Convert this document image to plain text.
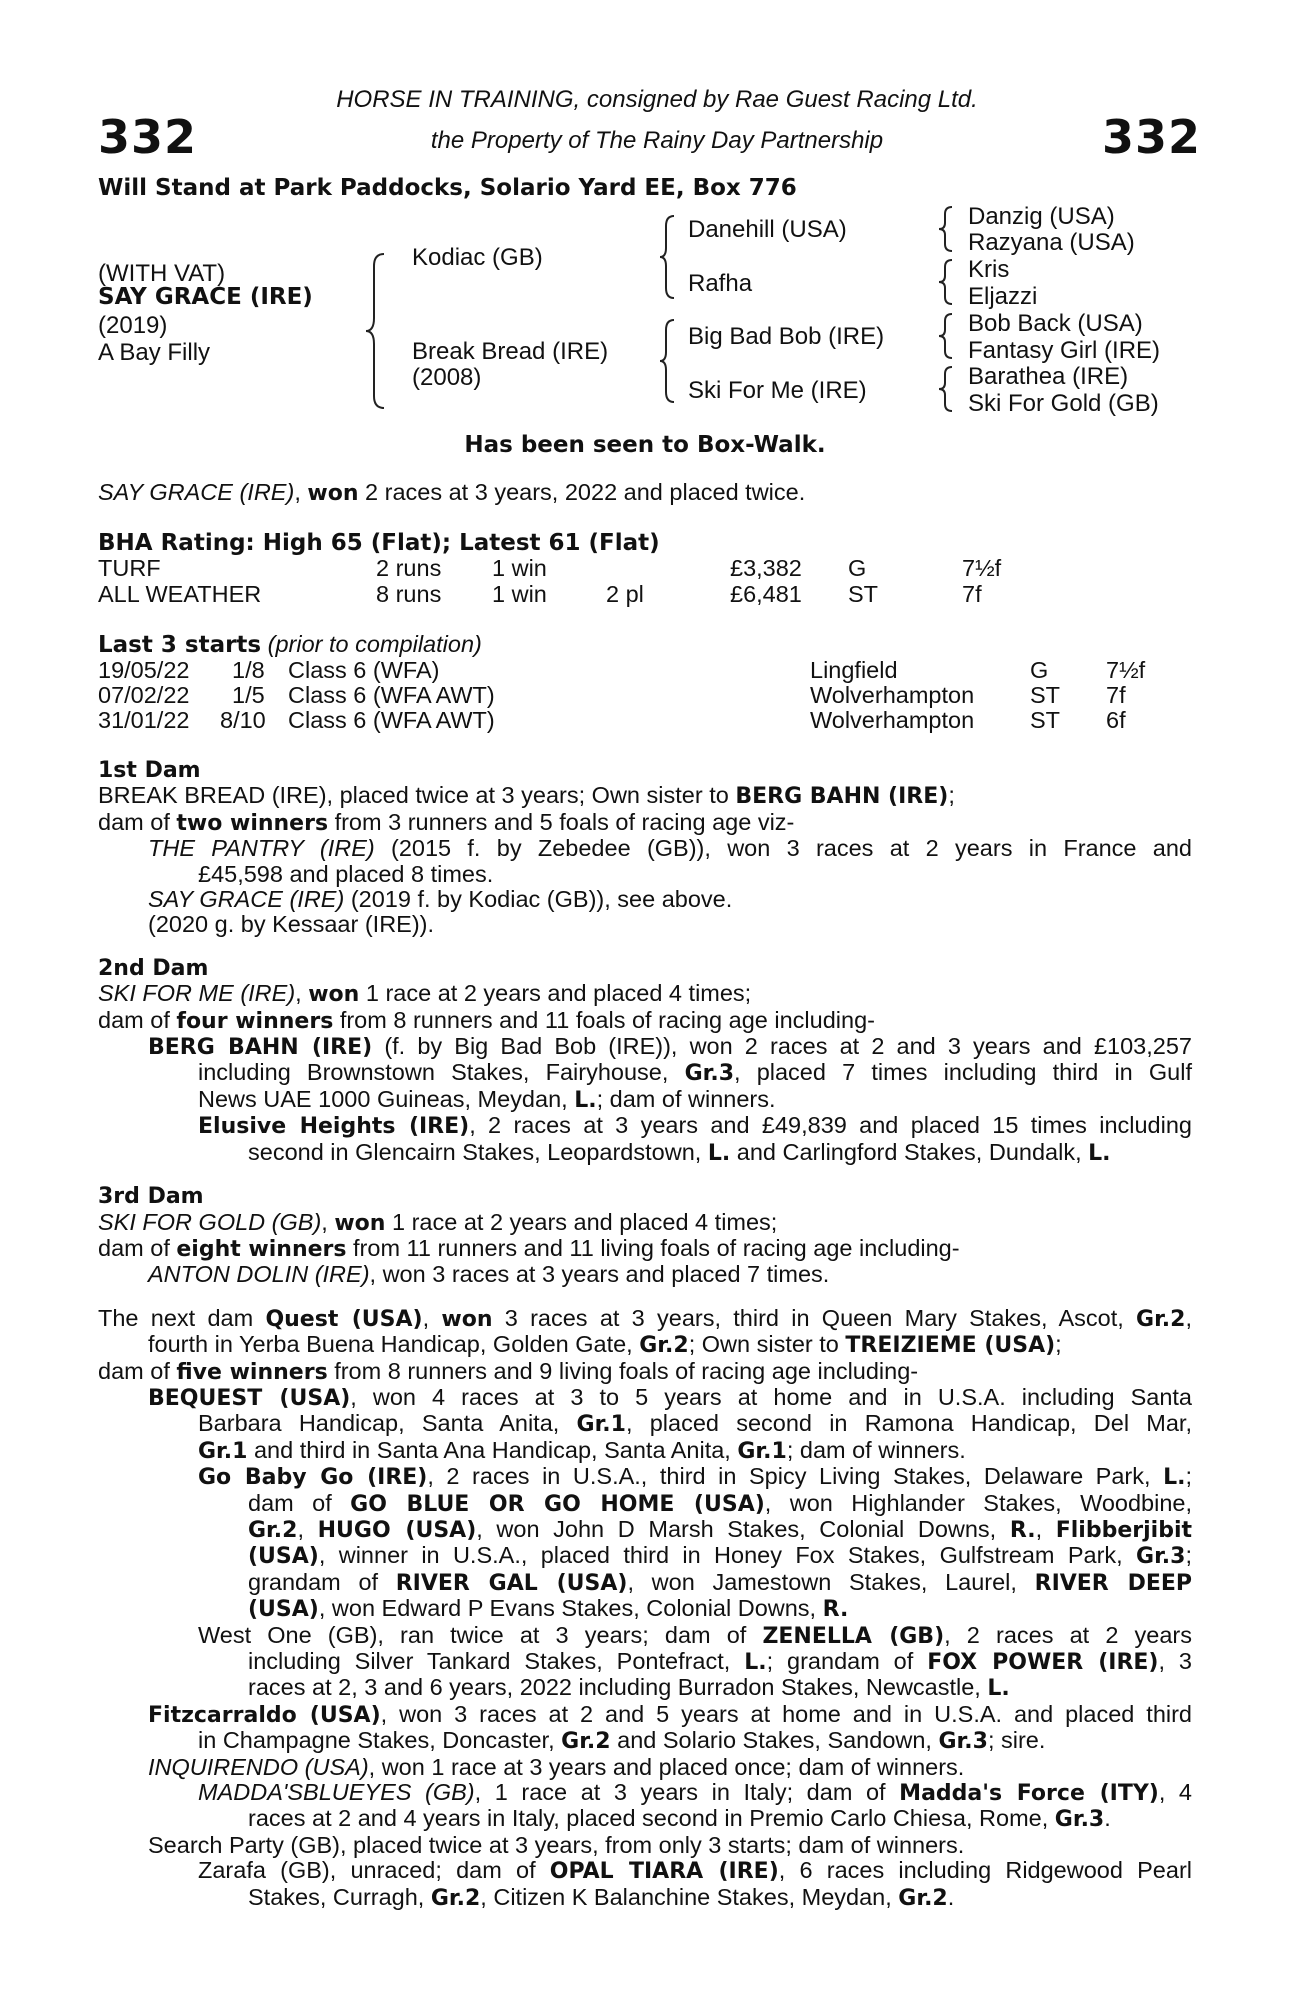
332	332
HORSE IN TRAINING, consigned by Rae Guest Racing Ltd.
the Property of The Rainy Day Partnership
Will Stand at Park Paddocks, Solario Yard EE, Box 776
(WITH VAT)
SAY GRACE (IRE)
(2019)
A Bay Filly
Kodiac (GB)
Break Bread (IRE)
(2008)
Danehill (USA)
Rafha
Big Bad Bob (IRE)
Ski For Me (IRE)
Danzig (USA)
Razyana (USA)
Kris
Eljazzi
Bob Back (USA)
Fantasy Girl (IRE)
Barathea (IRE)
Ski For Gold (GB)
Has been seen to Box-Walk.
SAY GRACE (IRE), won 2 races at 3 years, 2022 and placed twice.
BHA Rating: High 65 (Flat); Latest 61 (Flat)
TURF	2 runs 1 win	£3,382 G	7½f
ALL WEATHER	8 runs 1 win	2 pl	£6,481 ST	7f
Last 3 starts (prior to compilation)
19/05/22 1/8 Class 6 (WFA)	Lingfield	G 7½f
07/02/22 1/5 Class 6 (WFA AWT)	Wolverhampton ST 7f
31/01/22 8/10 Class 6 (WFA AWT)	Wolverhampton ST 6f
1st Dam
BREAK BREAD (IRE), placed twice at 3 years; Own sister to BERG BAHN (IRE);
dam of two winners from 3 runners and 5 foals of racing age viz-
THE PANTRY (IRE) (2015 f. by Zebedee (GB)), won 3 races at 2 years in France and
£45,598 and placed 8 times.
SAY GRACE (IRE) (2019 f. by Kodiac (GB)), see above.
(2020 g. by Kessaar (IRE)).
2nd Dam
SKI FOR ME (IRE), won 1 race at 2 years and placed 4 times;
dam of four winners from 8 runners and 11 foals of racing age including-
BERG BAHN (IRE) (f. by Big Bad Bob (IRE)), won 2 races at 2 and 3 years and £103,257
including Brownstown Stakes, Fairyhouse, Gr.3, placed 7 times including third in Gulf
News UAE 1000 Guineas, Meydan, L.; dam of winners.
Elusive Heights (IRE), 2 races at 3 years and £49,839 and placed 15 times including
second in Glencairn Stakes, Leopardstown, L. and Carlingford Stakes, Dundalk, L.
3rd Dam
SKI FOR GOLD (GB), won 1 race at 2 years and placed 4 times;
dam of eight winners from 11 runners and 11 living foals of racing age including-
ANTON DOLIN (IRE), won 3 races at 3 years and placed 7 times.
The next dam Quest (USA), won 3 races at 3 years, third in Queen Mary Stakes, Ascot, Gr.2,
fourth in Yerba Buena Handicap, Golden Gate, Gr.2; Own sister to TREIZIEME (USA);
dam of five winners from 8 runners and 9 living foals of racing age including-
BEQUEST (USA), won 4 races at 3 to 5 years at home and in U.S.A. including Santa
Barbara Handicap, Santa Anita, Gr.1, placed second in Ramona Handicap, Del Mar,
Gr.1 and third in Santa Ana Handicap, Santa Anita, Gr.1; dam of winners.
Go Baby Go (IRE), 2 races in U.S.A., third in Spicy Living Stakes, Delaware Park, L.;
dam of GO BLUE OR GO HOME (USA), won Highlander Stakes, Woodbine,
Gr.2, HUGO (USA), won John D Marsh Stakes, Colonial Downs, R., Flibberjibit
(USA), winner in U.S.A., placed third in Honey Fox Stakes, Gulfstream Park, Gr.3;
grandam of RIVER GAL (USA), won Jamestown Stakes, Laurel, RIVER DEEP
(USA), won Edward P Evans Stakes, Colonial Downs, R.
West One (GB), ran twice at 3 years; dam of ZENELLA (GB), 2 races at 2 years
including Silver Tankard Stakes, Pontefract, L.; grandam of FOX POWER (IRE), 3
races at 2, 3 and 6 years, 2022 including Burradon Stakes, Newcastle, L.
Fitzcarraldo (USA), won 3 races at 2 and 5 years at home and in U.S.A. and placed third
in Champagne Stakes, Doncaster, Gr.2 and Solario Stakes, Sandown, Gr.3; sire.
INQUIRENDO (USA), won 1 race at 3 years and placed once; dam of winners.
MADDA'SBLUEYES (GB), 1 race at 3 years in Italy; dam of Madda's Force (ITY), 4
races at 2 and 4 years in Italy, placed second in Premio Carlo Chiesa, Rome, Gr.3.
Search Party (GB), placed twice at 3 years, from only 3 starts; dam of winners.
Zarafa (GB), unraced; dam of OPAL TIARA (IRE), 6 races including Ridgewood Pearl
Stakes, Curragh, Gr.2, Citizen K Balanchine Stakes, Meydan, Gr.2.
